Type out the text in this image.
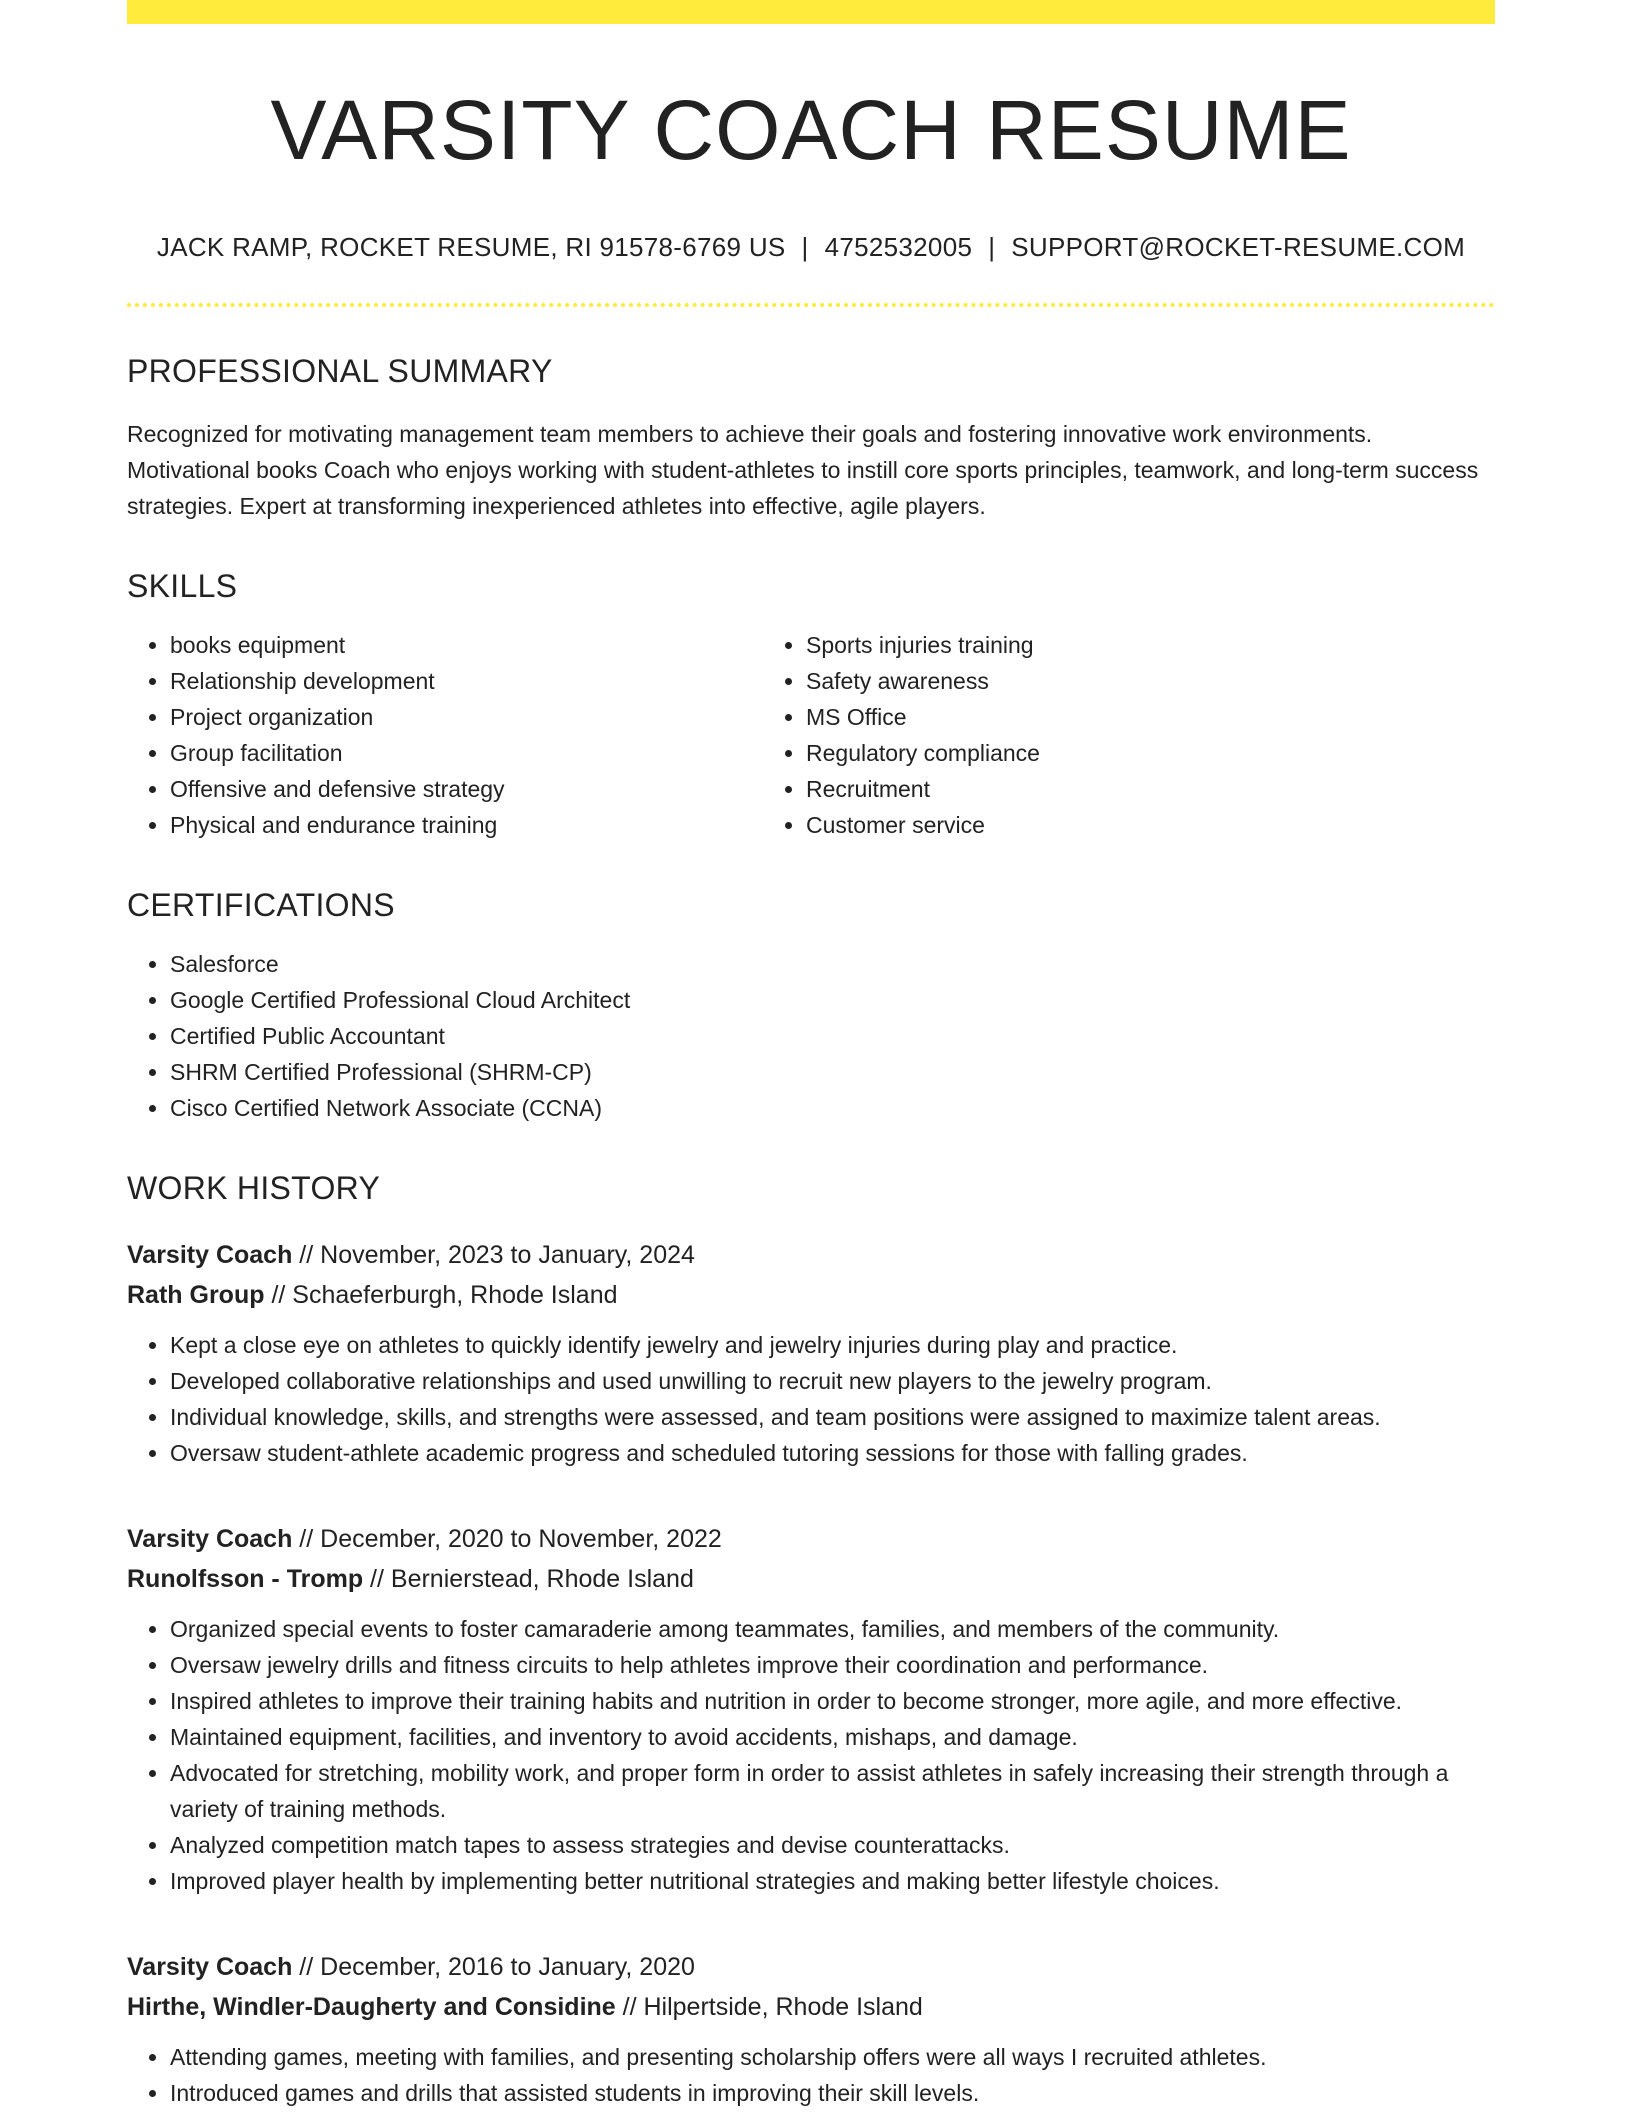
VARSITY COACH RESUME
JACK RAMP, ROCKET RESUME, RI 91578-6769 US | 4752532005 | SUPPORT@ROCKET-RESUME.COM
PROFESSIONAL SUMMARY
Recognized for motivating management team members to achieve their goals and fostering innovative work environments. Motivational books Coach who enjoys working with student-athletes to instill core sports principles, teamwork, and long-term success strategies. Expert at transforming inexperienced athletes into effective, agile players.
SKILLS
• books equipment
• Relationship development
• Project organization
• Group facilitation
• Offensive and defensive strategy
• Physical and endurance training
• Sports injuries training
• Safety awareness
• MS Office
• Regulatory compliance
• Recruitment
• Customer service
CERTIFICATIONS
• Salesforce
• Google Certified Professional Cloud Architect
• Certified Public Accountant
• SHRM Certified Professional (SHRM-CP)
• Cisco Certified Network Associate (CCNA)
WORK HISTORY
Varsity Coach // November, 2023 to January, 2024
Rath Group // Schaeferburgh, Rhode Island
• Kept a close eye on athletes to quickly identify jewelry and jewelry injuries during play and practice.
• Developed collaborative relationships and used unwilling to recruit new players to the jewelry program.
• Individual knowledge, skills, and strengths were assessed, and team positions were assigned to maximize talent areas.
• Oversaw student-athlete academic progress and scheduled tutoring sessions for those with falling grades.
Varsity Coach // December, 2020 to November, 2022
Runolfsson - Tromp // Bernierstead, Rhode Island
• Organized special events to foster camaraderie among teammates, families, and members of the community.
• Oversaw jewelry drills and fitness circuits to help athletes improve their coordination and performance.
• Inspired athletes to improve their training habits and nutrition in order to become stronger, more agile, and more effective.
• Maintained equipment, facilities, and inventory to avoid accidents, mishaps, and damage.
• Advocated for stretching, mobility work, and proper form in order to assist athletes in safely increasing their strength through a variety of training methods.
• Analyzed competition match tapes to assess strategies and devise counterattacks.
• Improved player health by implementing better nutritional strategies and making better lifestyle choices.
Varsity Coach // December, 2016 to January, 2020
Hirthe, Windler-Daugherty and Considine // Hilpertside, Rhode Island
• Attending games, meeting with families, and presenting scholarship offers were all ways I recruited athletes.
• Introduced games and drills that assisted students in improving their skill levels.
